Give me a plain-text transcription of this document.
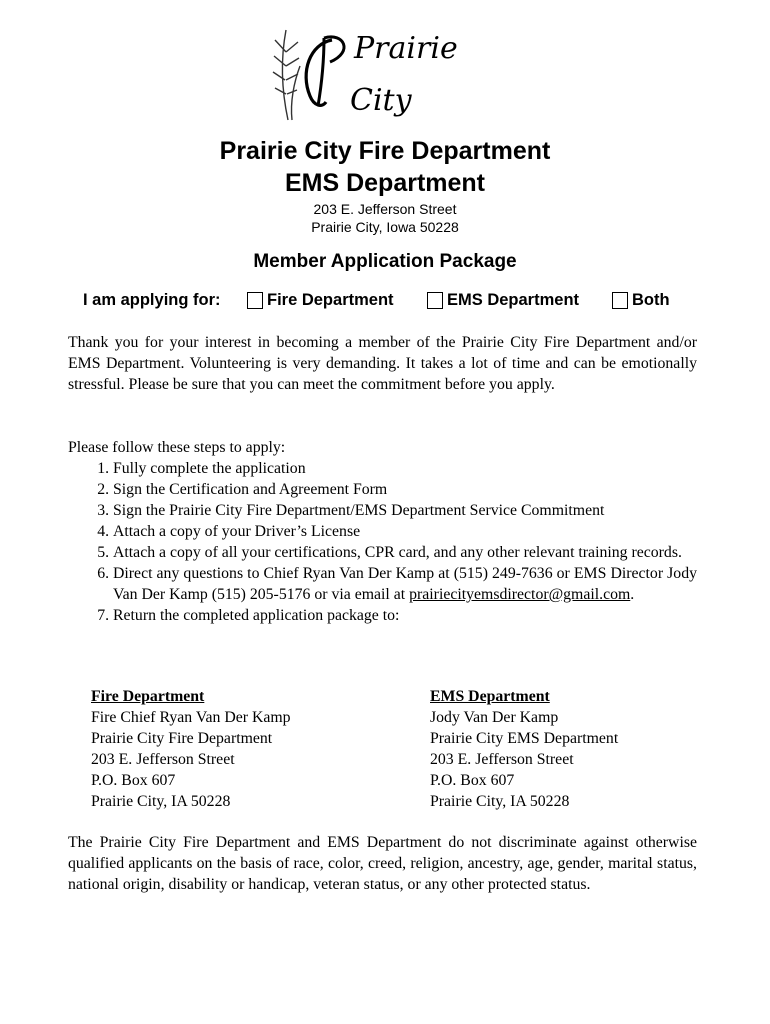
Prairie
City
Prairie City Fire Department
EMS Department
203 E. Jefferson Street
Prairie City, Iowa 50228
Member Application Package
I am applying for:	Fire Department	EMS Department	Both
Thank you for your interest in becoming a member of the Prairie City Fire Department and/or EMS Department. Volunteering is very demanding. It takes a lot of time and can be emotionally stressful. Please be sure that you can meet the commitment before you apply.
Please follow these steps to apply:
1. Fully complete the application
2. Sign the Certification and Agreement Form
3. Sign the Prairie City Fire Department/EMS Department Service Commitment
4. Attach a copy of your Driver’s License
5. Attach a copy of all your certifications, CPR card, and any other relevant training records.
6. Direct any questions to Chief Ryan Van Der Kamp at (515) 249-7636 or EMS Director Jody Van Der Kamp (515) 205-5176 or via email at prairiecityemsdirector@gmail.com.
7. Return the completed application package to:
Fire Department
Fire Chief Ryan Van Der Kamp
Prairie City Fire Department
203 E. Jefferson Street
P.O. Box 607
Prairie City, IA 50228
EMS Department
Jody Van Der Kamp
Prairie City EMS Department
203 E. Jefferson Street
P.O. Box 607
Prairie City, IA 50228
The Prairie City Fire Department and EMS Department do not discriminate against otherwise qualified applicants on the basis of race, color, creed, religion, ancestry, age, gender, marital status, national origin, disability or handicap, veteran status, or any other protected status.
